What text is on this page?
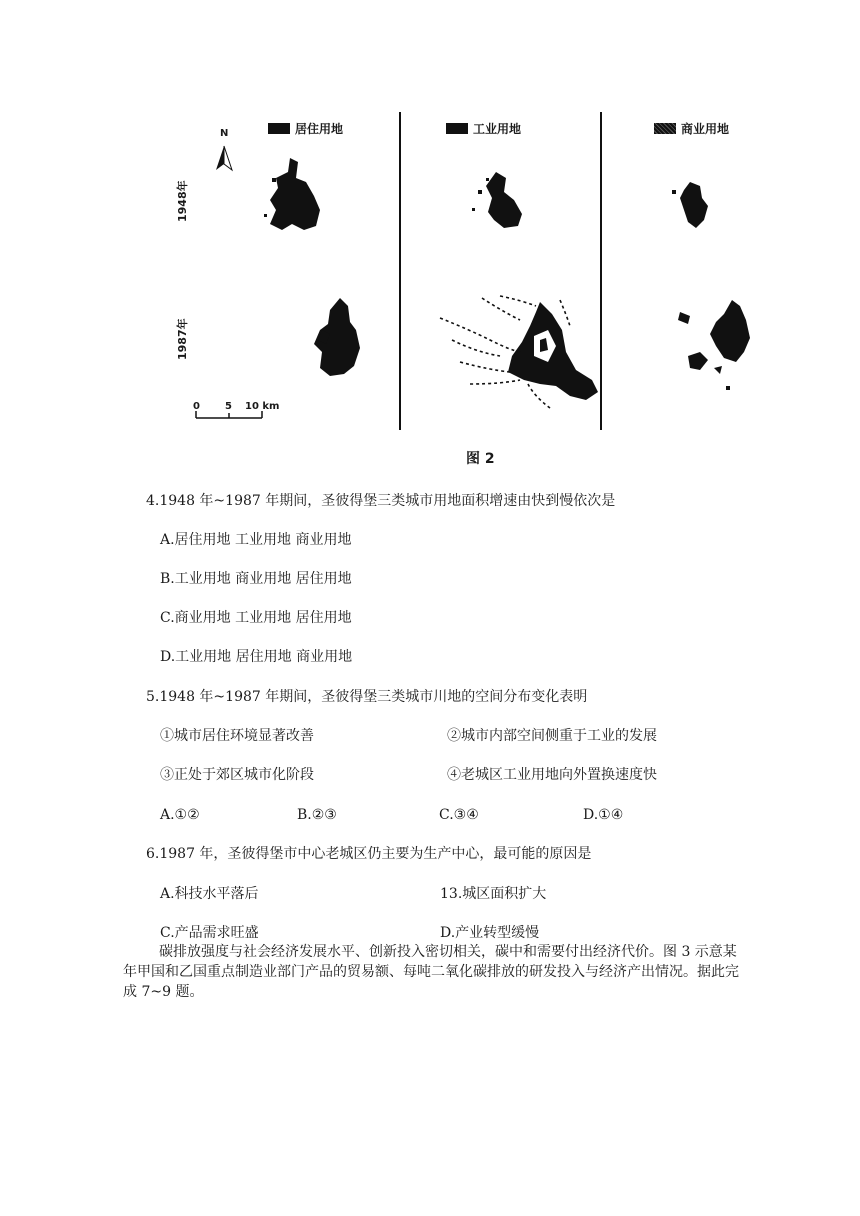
居住用地	工业用地	商业用地
N
1948年
1987年
0	5 10 km
图 2
4.1948 年~1987 年期间，圣彼得堡三类城市用地面积增速由快到慢依次是
A.居住用地 工业用地 商业用地
B.工业用地 商业用地 居住用地
C.商业用地 工业用地 居住用地
D.工业用地 居住用地 商业用地
5.1948 年~1987 年期间，圣彼得堡三类城市川地的空间分布变化表明
①城市居住环境显著改善	②城市内部空间侧重于工业的发展
③正处于郊区城市化阶段	④老城区工业用地向外置换速度快
A.①②	B.②③	C.③④	D.①④
6.1987 年，圣彼得堡市中心老城区仍主要为生产中心，最可能的原因是
A.科技水平落后	13.城区面积扩大
C.产品需求旺盛	D.产业转型缓慢
碳排放强度与社会经济发展水平、创新投入密切相关，碳中和需要付出经济代价。图 3 示意某年甲国和乙国重点制造业部门产品的贸易额、每吨二氧化碳排放的研发投入与经济产出情况。据此完成 7~9 题。
